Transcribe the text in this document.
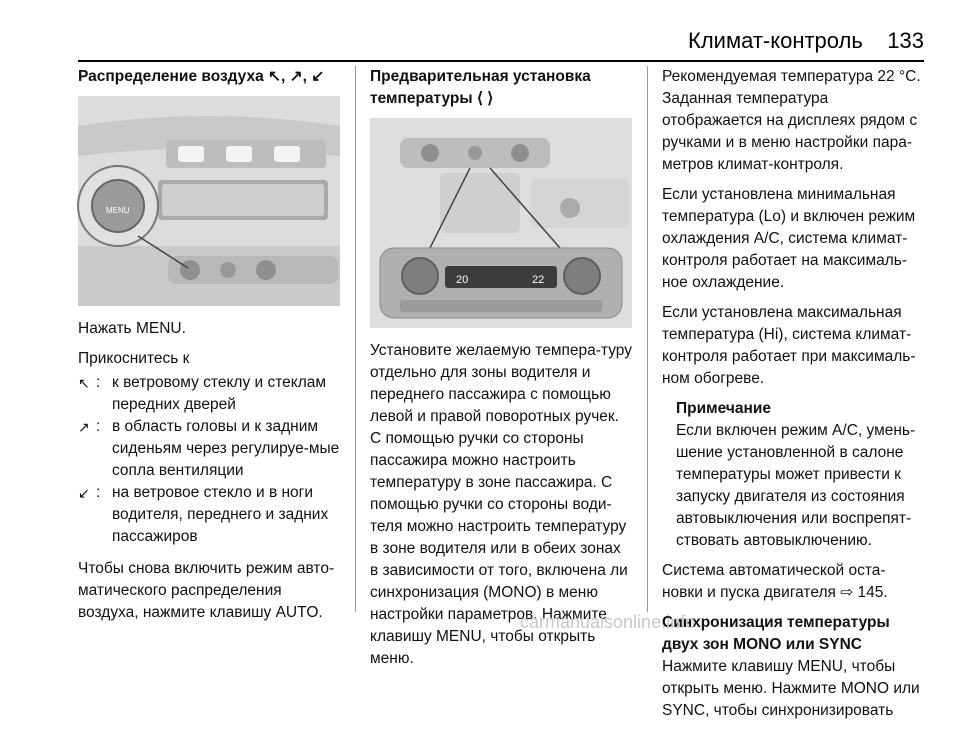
Климат-контроль 133
Распределение воздуха ↖, ↗, ↙
MENU

Нажать MENU.

Прикоснитесь к
↖ : к ветровому стеклу и стеклам передних дверей
↗ : в область головы и к задним сиденьям через регулируе-мые сопла вентиляции
↙ : на ветровое стекло и в ноги водителя, переднего и задних пассажиров

Чтобы снова включить режим авто-матического распределения воздуха, нажмите клавишу AUTO.

Предварительная установка температуры ⟨ ⟩
20	22

Установите желаемую темпера-туру отдельно для зоны водителя и переднего пассажира с помощью левой и правой поворотных ручек. С помощью ручки со стороны пассажира можно настроить температуру в зоне пассажира. С помощью ручки со стороны води-теля можно настроить температуру в зоне водителя или в обеих зонах в зависимости от того, включена ли синхронизация (MONO) в меню настройки параметров. Нажмите клавишу MENU, чтобы открыть меню.

Рекомендуемая температура 22 °C. Заданная температура отображается на дисплеях рядом с ручками и в меню настройки пара-метров климат-контроля.

Если установлена минимальная температура (Lo) и включен режим охлаждения A/C, система климат-контроля работает на максималь-ное охлаждение.

Если установлена максимальная температура (Hi), система климат-контроля работает при максималь-ном обогреве.

Примечание
Если включен режим A/C, умень-шение установленной в салоне температуры может привести к запуску двигателя из состояния автовыключения или воспрепят-ствовать автовыключению.

Система автоматической оста-новки и пуска двигателя ⇨ 145.

Синхронизация температуры двух зон MONO или SYNC

Нажмите клавишу MENU, чтобы открыть меню. Нажмите MONO или SYNC, чтобы синхронизировать

carmanualsonline.info
